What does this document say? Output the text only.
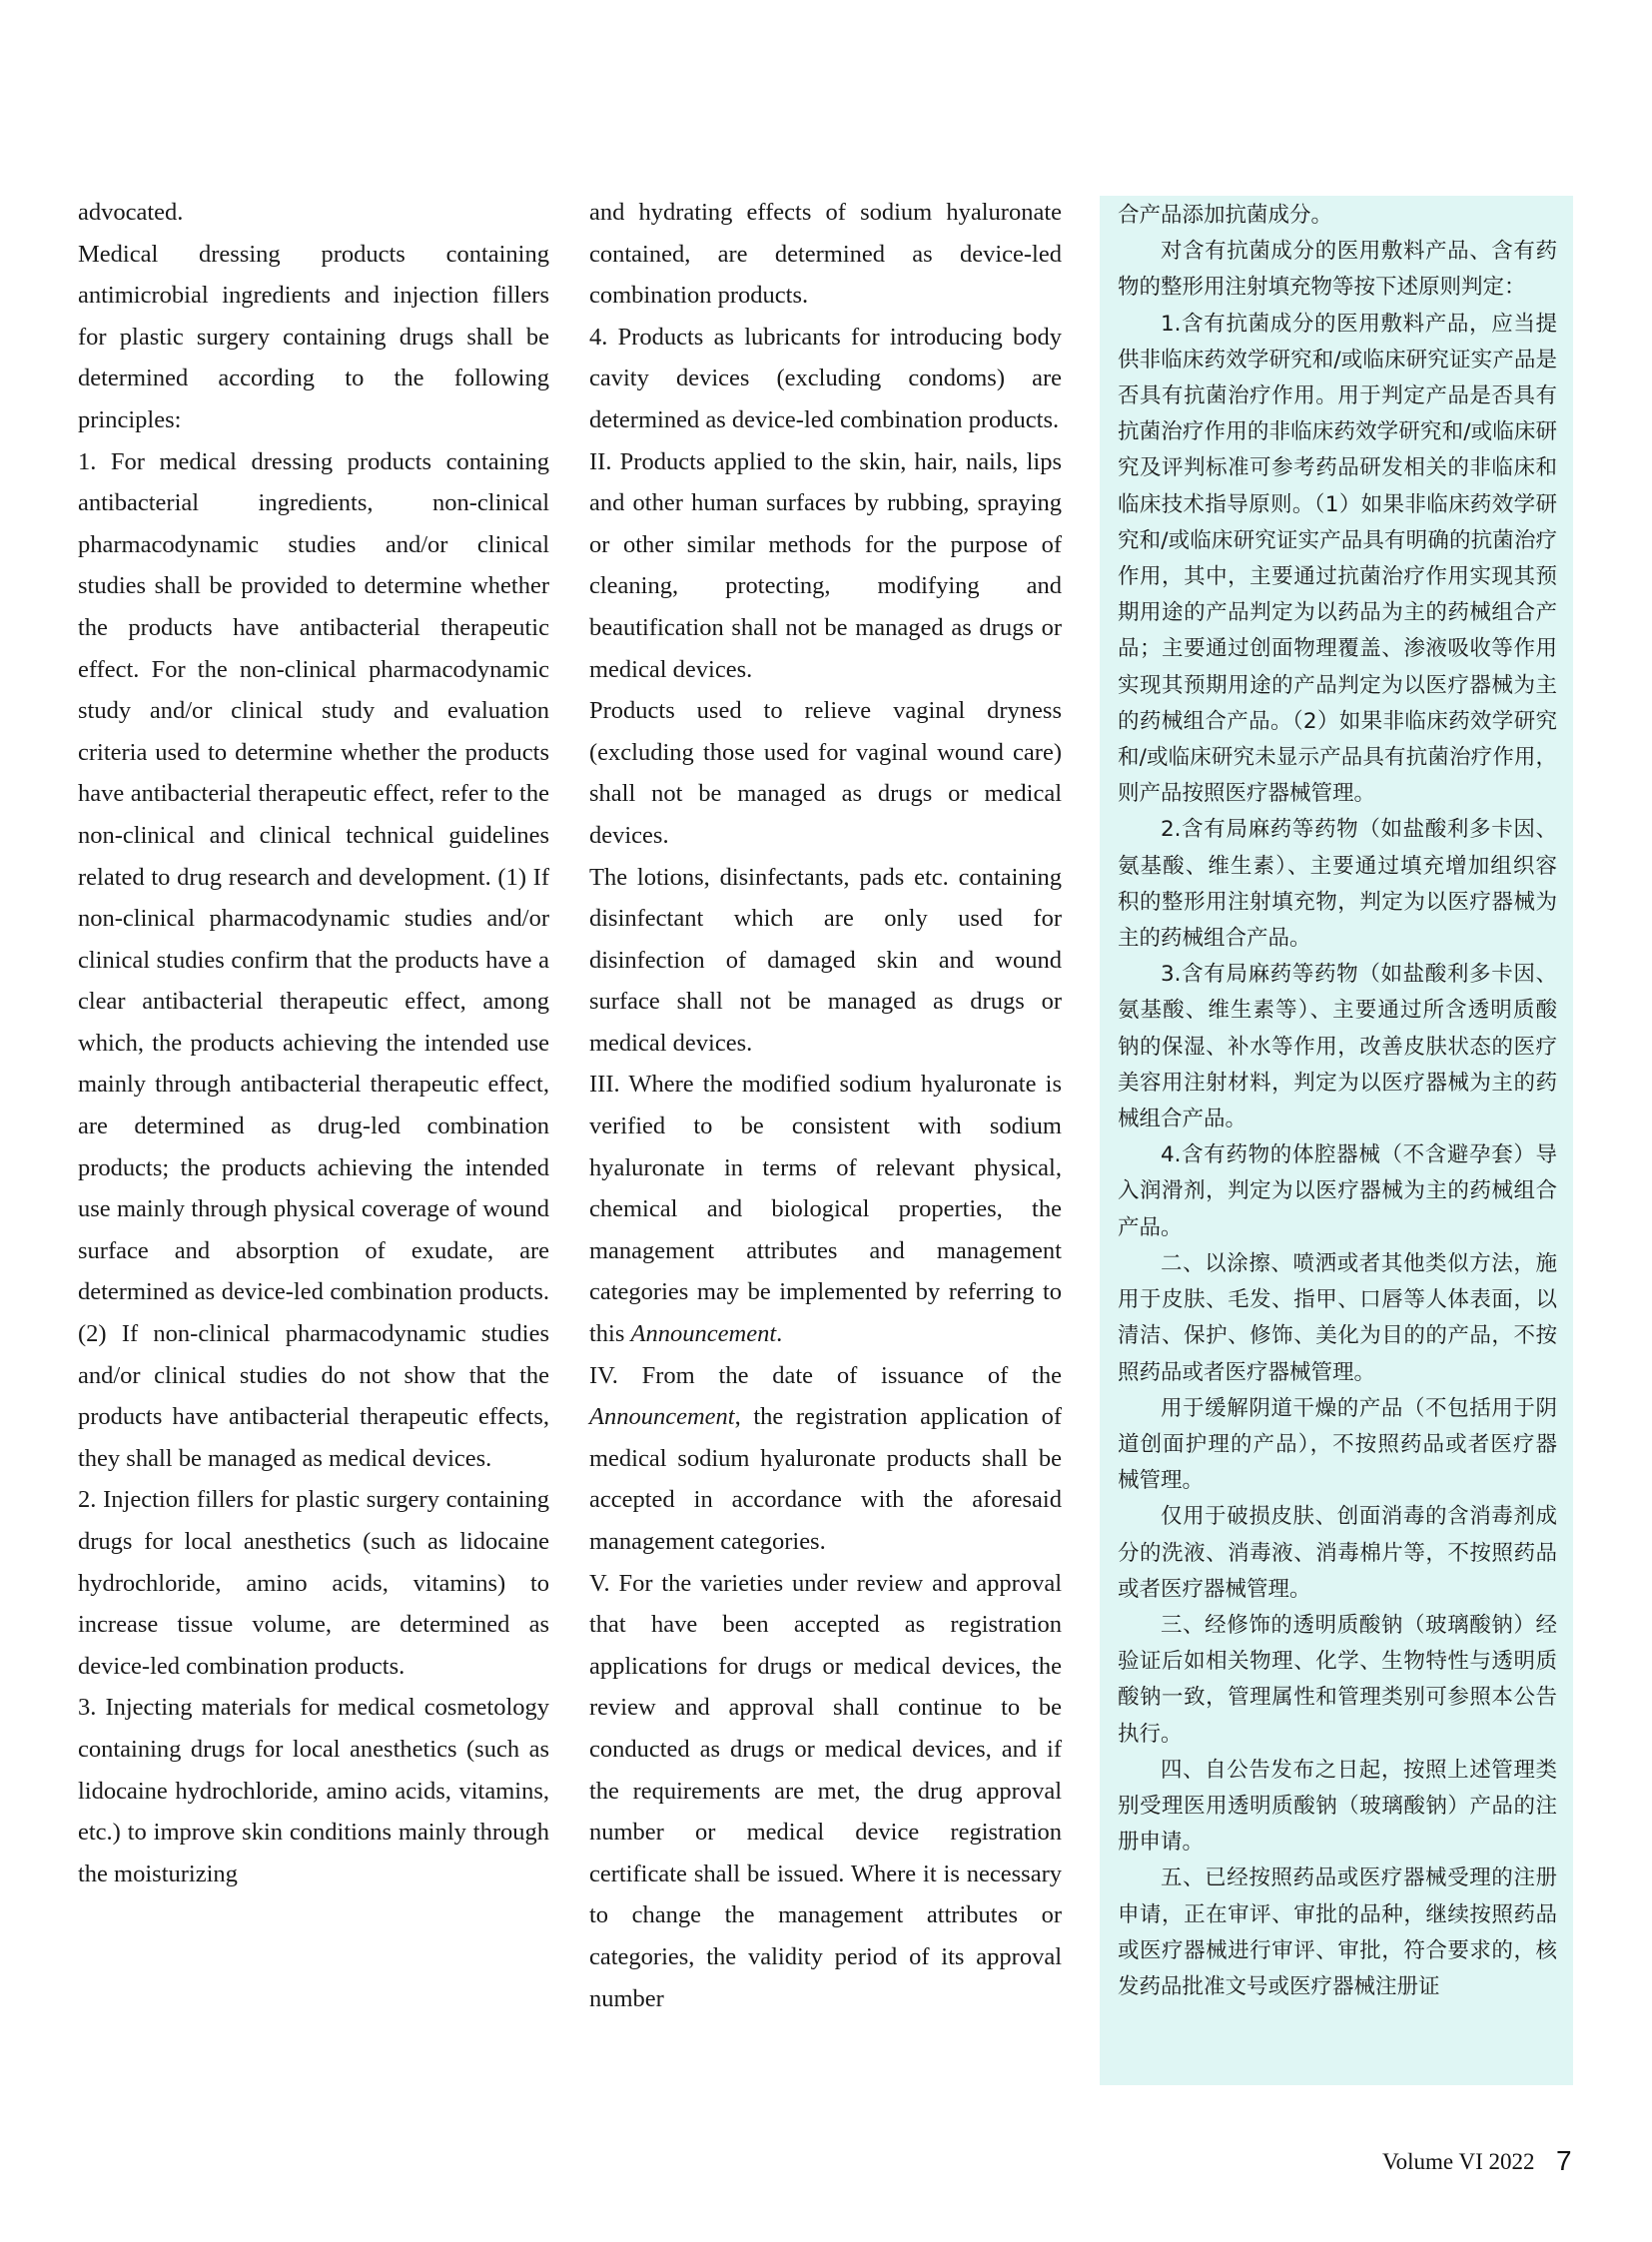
advocated.

Medical dressing products containing antimicrobial ingredients and injection fillers for plastic surgery containing drugs shall be determined according to the following principles:

1. For medical dressing products containing antibacterial ingredients, non-clinical pharmacodynamic studies and/or clinical studies shall be provided to determine whether the products have antibacterial therapeutic effect. For the non-clinical pharmacodynamic study and/or clinical study and evaluation criteria used to determine whether the products have antibacterial therapeutic effect, refer to the non-clinical and clinical technical guidelines related to drug research and development. (1) If non-clinical pharmacodynamic studies and/or clinical studies confirm that the products have a clear antibacterial therapeutic effect, among which, the products achieving the intended use mainly through antibacterial therapeutic effect, are determined as drug-led combination products; the products achieving the intended use mainly through physical coverage of wound surface and absorption of exudate, are determined as device-led combination products. (2) If non-clinical pharmacodynamic studies and/or clinical studies do not show that the products have antibacterial therapeutic effects, they shall be managed as medical devices.

2. Injection fillers for plastic surgery containing drugs for local anesthetics (such as lidocaine hydrochloride, amino acids, vitamins) to increase tissue volume, are determined as device-led combination products.

3. Injecting materials for medical cosmetology containing drugs for local anesthetics (such as lidocaine hydrochloride, amino acids, vitamins, etc.) to improve skin conditions mainly through the moisturizing

and hydrating effects of sodium hyaluronate contained, are determined as device-led combination products.

4. Products as lubricants for introducing body cavity devices (excluding condoms) are determined as device-led combination products.

II. Products applied to the skin, hair, nails, lips and other human surfaces by rubbing, spraying or other similar methods for the purpose of cleaning, protecting, modifying and beautification shall not be managed as drugs or medical devices.

Products used to relieve vaginal dryness (excluding those used for vaginal wound care) shall not be managed as drugs or medical devices.

The lotions, disinfectants, pads etc. containing disinfectant which are only used for disinfection of damaged skin and wound surface shall not be managed as drugs or medical devices.

III. Where the modified sodium hyaluronate is verified to be consistent with sodium hyaluronate in terms of relevant physical, chemical and biological properties, the management attributes and management categories may be implemented by referring to this Announcement.

IV. From the date of issuance of the Announcement, the registration application of medical sodium hyaluronate products shall be accepted in accordance with the aforesaid management categories.

V. For the varieties under review and approval that have been accepted as registration applications for drugs or medical devices, the review and approval shall continue to be conducted as drugs or medical devices, and if the requirements are met, the drug approval number or medical device registration certificate shall be issued. Where it is necessary to change the management attributes or categories, the validity period of its approval number

合产品添加抗菌成分。

对含有抗菌成分的医用敷料产品、含有药物的整形用注射填充物等按下述原则判定：

1.含有抗菌成分的医用敷料产品，应当提供非临床药效学研究和/或临床研究证实产品是否具有抗菌治疗作用。用于判定产品是否具有抗菌治疗作用的非临床药效学研究和/或临床研究及评判标准可参考药品研发相关的非临床和临床技术指导原则。（1）如果非临床药效学研究和/或临床研究证实产品具有明确的抗菌治疗作用，其中，主要通过抗菌治疗作用实现其预期用途的产品判定为以药品为主的药械组合产品；主要通过创面物理覆盖、渗液吸收等作用实现其预期用途的产品判定为以医疗器械为主的药械组合产品。（2）如果非临床药效学研究和/或临床研究未显示产品具有抗菌治疗作用，则产品按照医疗器械管理。

2.含有局麻药等药物（如盐酸利多卡因、氨基酸、维生素）、主要通过填充增加组织容积的整形用注射填充物，判定为以医疗器械为主的药械组合产品。

3.含有局麻药等药物（如盐酸利多卡因、氨基酸、维生素等）、主要通过所含透明质酸钠的保湿、补水等作用，改善皮肤状态的医疗美容用注射材料，判定为以医疗器械为主的药械组合产品。

4.含有药物的体腔器械（不含避孕套）导入润滑剂，判定为以医疗器械为主的药械组合产品。

二、以涂擦、喷洒或者其他类似方法，施用于皮肤、毛发、指甲、口唇等人体表面，以清洁、保护、修饰、美化为目的的产品，不按照药品或者医疗器械管理。

用于缓解阴道干燥的产品（不包括用于阴道创面护理的产品），不按照药品或者医疗器械管理。

仅用于破损皮肤、创面消毒的含消毒剂成分的洗液、消毒液、消毒棉片等，不按照药品或者医疗器械管理。

三、经修饰的透明质酸钠（玻璃酸钠）经验证后如相关物理、化学、生物特性与透明质酸钠一致，管理属性和管理类别可参照本公告执行。

四、自公告发布之日起，按照上述管理类别受理医用透明质酸钠（玻璃酸钠）产品的注册申请。

五、已经按照药品或医疗器械受理的注册申请，正在审评、审批的品种，继续按照药品或医疗器械进行审评、审批，符合要求的，核发药品批准文号或医疗器械注册证

Volume VI 2022 7
